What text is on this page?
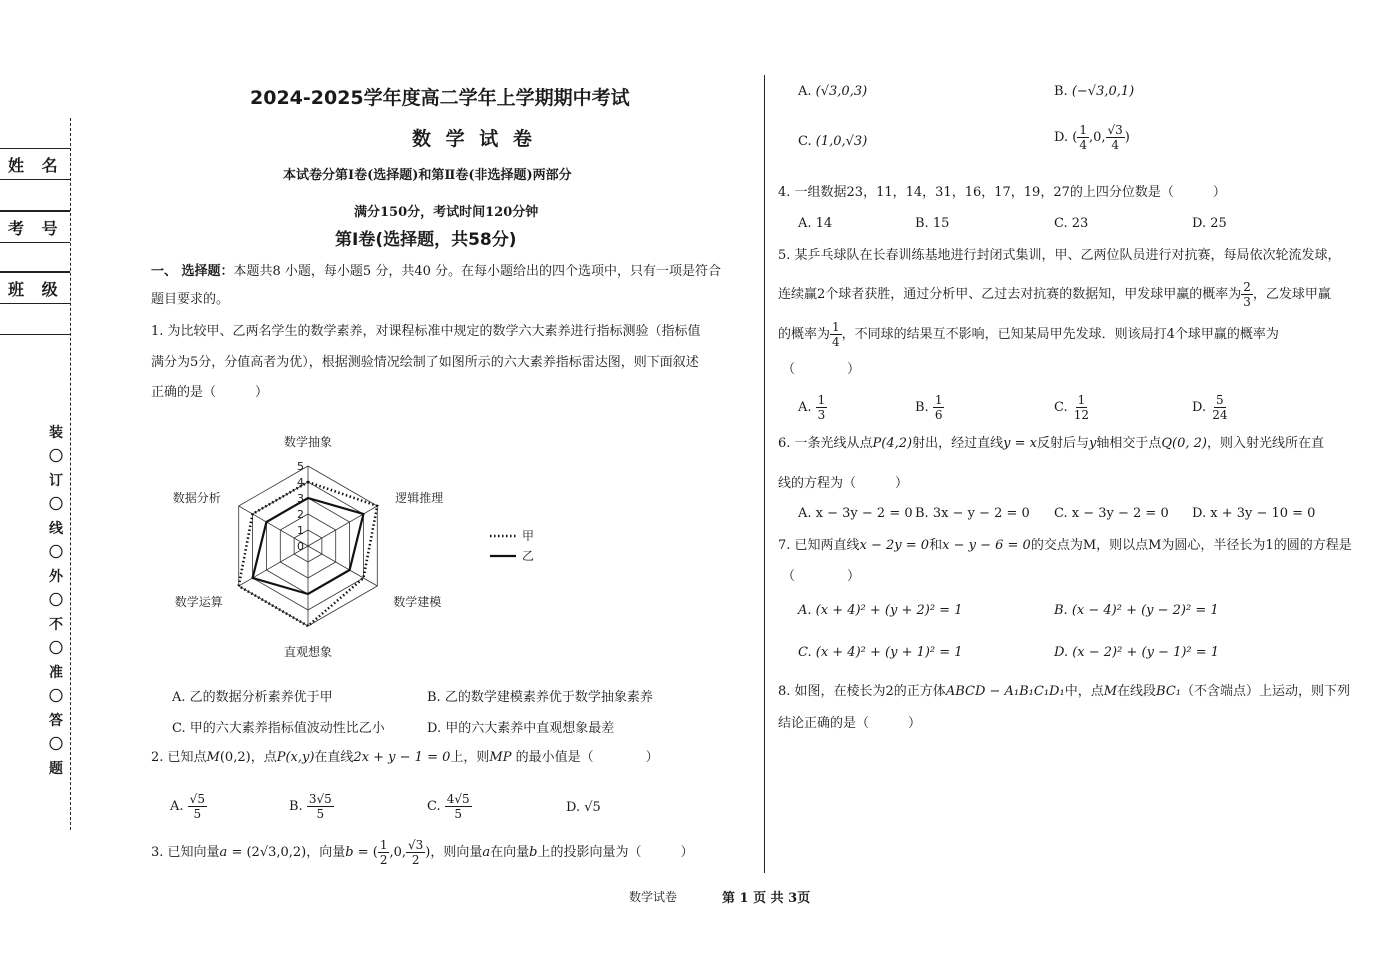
姓 名
考 号
班 级
装
〇
订
〇
线
〇
外
〇
不
〇
准
〇
答
〇
题
2024-2025学年度高二学年上学期期中考试
数 学 试 卷
本试卷分第Ⅰ卷(选择题)和第Ⅱ卷(非选择题)两部分
满分150分，考试时间120分钟
第Ⅰ卷(选择题，共58分)
一、 选择题：本题共8 小题，每小题5 分，共40 分。在每小题给出的四个选项中，只有一项是符合
题目要求的。
1. 为比较甲、乙两名学生的数学素养，对课程标准中规定的数学六大素养进行指标测验（指标值
满分为5分，分值高者为优），根据测验情况绘制了如图所示的六大素养指标雷达图，则下面叙述
正确的是（　　　）
0
1
2
3
4
5
数学抽象
逻辑推理
数学建模
直观想象
数学运算
数据分析
甲
乙
A. 乙的数据分析素养优于甲	B. 乙的数学建模素养优于数学抽象素养
C. 甲的六大素养指标值波动性比乙小	D. 甲的六大素养中直观想象最差
2. 已知点M(0,2)，点P(x,y)在直线2x + y − 1 = 0上，则MP 的最小值是（　　　　）
A. $\frac{√5}{5}$	B. $\frac{3√5}{5}$	C. $\frac{4√5}{5}$	D. √5
3. 已知向量a = (2√3,0,2)，向量b = ( $\frac{1}{2} ,0$, $\frac{√3}{2}$ )，则向量a在向量b上的投影向量为（　　　）
数学试卷	第 1 页 共 3页
A. (√3,0,3)	B. (−√3,0,1)
C. (1,0,√3)	D. ( $\frac{1}{4} ,0$, $\frac{√3}{4}$ )
4. 一组数据23，11，14，31，16，17，19，27的上四分位数是（　　　）
A. 14	B. 15	C. 23	D. 25
5. 某乒乓球队在长春训练基地进行封闭式集训，甲、乙两位队员进行对抗赛，每局依次轮流发球，
连续赢2个球者获胜，通过分析甲、乙过去对抗赛的数据知，甲发球甲赢的概率为 $\frac{2}{3}$ ，乙发球甲赢
的概率为 $\frac{1}{4}$ ，不同球的结果互不影响，已知某局甲先发球．则该局打4个球甲赢的概率为
（　　　　）
A. $\frac{1}{3}$	B. $\frac{1}{6}$	C. $\frac{1}{12}$	D. $\frac{5}{24}$
6. 一条光线从点P(4,2)射出，经过直线y = x反射后与y轴相交于点Q(0, 2)，则入射光线所在直
线的方程为（　　　）
A. x − 3y − 2 = 0 B. 3x − y − 2 = 0 C. x − 3y − 2 = 0 D. x + 3y − 10 = 0
7. 已知两直线x − 2y = 0和x − y − 6 = 0的交点为M，则以点M为圆心，半径长为1的圆的方程是
（　　　　）
A. (x + 4)² + (y + 2)² = 1	B. (x − 4)² + (y − 2)² = 1
C. (x + 4)² + (y + 1)² = 1	D. (x − 2)² + (y − 1)² = 1
8. 如图，在棱长为2的正方体ABCD − A₁B₁C₁D₁中，点M在线段BC₁（不含端点）上运动，则下列
结论正确的是（　　　）
